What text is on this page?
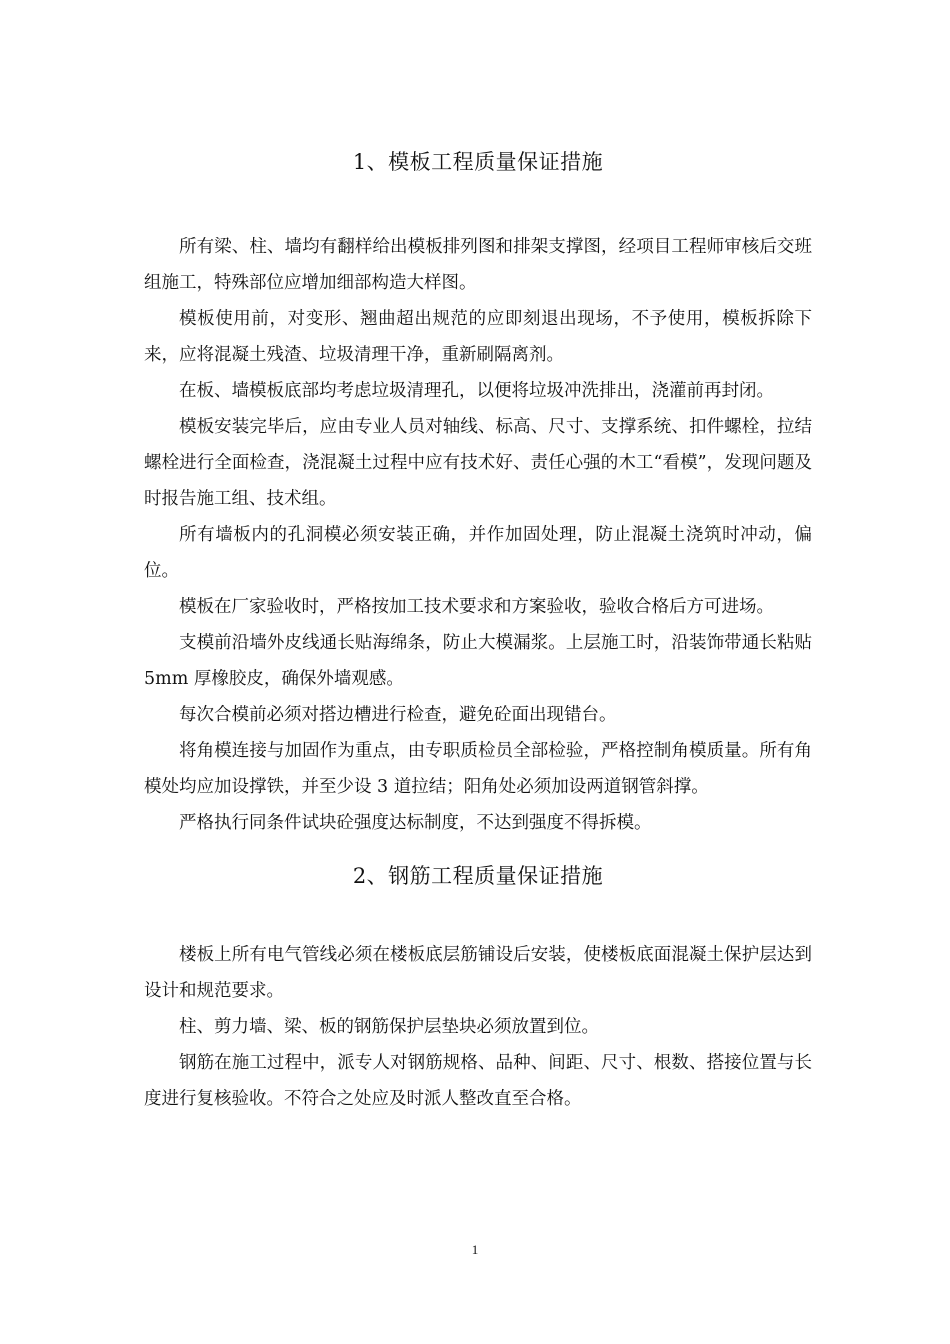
1、模板工程质量保证措施

所有梁、柱、墙均有翻样给出模板排列图和排架支撑图，经项目工程师审核后交班组施工，特殊部位应增加细部构造大样图。

模板使用前，对变形、翘曲超出规范的应即刻退出现场，不予使用，模板拆除下来，应将混凝土残渣、垃圾清理干净，重新刷隔离剂。

在板、墙模板底部均考虑垃圾清理孔，以便将垃圾冲洗排出，浇灌前再封闭。

模板安装完毕后，应由专业人员对轴线、标高、尺寸、支撑系统、扣件螺栓，拉结螺栓进行全面检查，浇混凝土过程中应有技术好、责任心强的木工“看模”，发现问题及时报告施工组、技术组。

所有墙板内的孔洞模必须安装正确，并作加固处理，防止混凝土浇筑时冲动，偏位。

模板在厂家验收时，严格按加工技术要求和方案验收，验收合格后方可进场。

支模前沿墙外皮线通长贴海绵条，防止大模漏浆。上层施工时，沿装饰带通长粘贴 5mm 厚橡胶皮，确保外墙观感。

每次合模前必须对搭边槽进行检查，避免砼面出现错台。

将角模连接与加固作为重点，由专职质检员全部检验，严格控制角模质量。所有角模处均应加设撑铁，并至少设 3 道拉结；阳角处必须加设两道钢管斜撑。

严格执行同条件试块砼强度达标制度，不达到强度不得拆模。

2、钢筋工程质量保证措施

楼板上所有电气管线必须在楼板底层筋铺设后安装，使楼板底面混凝土保护层达到设计和规范要求。

柱、剪力墙、梁、板的钢筋保护层垫块必须放置到位。

钢筋在施工过程中，派专人对钢筋规格、品种、间距、尺寸、根数、搭接位置与长度进行复核验收。不符合之处应及时派人整改直至合格。

1
